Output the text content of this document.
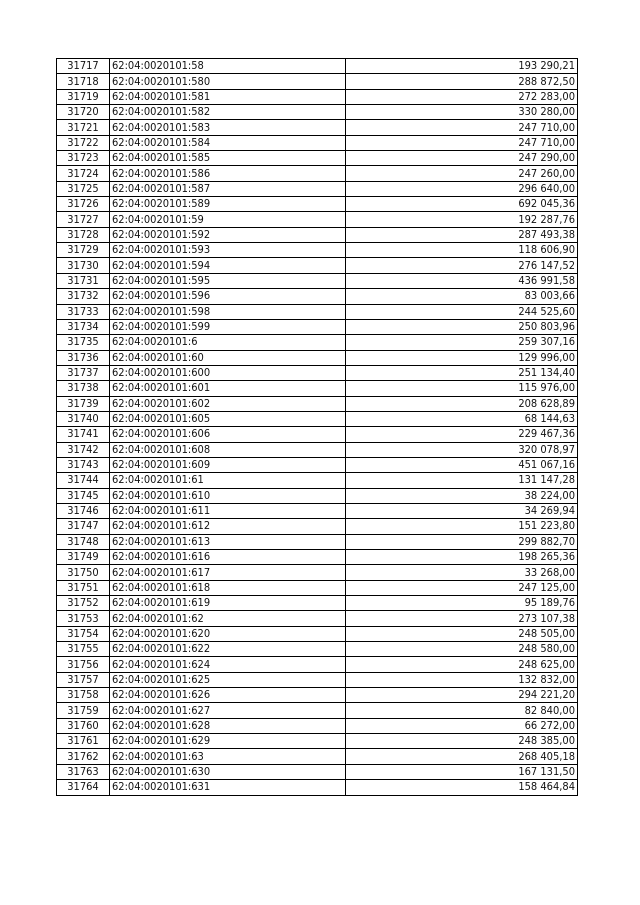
31717	62:04:0020101:58	193 290,21
31718	62:04:0020101:580	288 872,50
31719	62:04:0020101:581	272 283,00
31720	62:04:0020101:582	330 280,00
31721	62:04:0020101:583	247 710,00
31722	62:04:0020101:584	247 710,00
31723	62:04:0020101:585	247 290,00
31724	62:04:0020101:586	247 260,00
31725	62:04:0020101:587	296 640,00
31726	62:04:0020101:589	692 045,36
31727	62:04:0020101:59	192 287,76
31728	62:04:0020101:592	287 493,38
31729	62:04:0020101:593	118 606,90
31730	62:04:0020101:594	276 147,52
31731	62:04:0020101:595	436 991,58
31732	62:04:0020101:596	83 003,66
31733	62:04:0020101:598	244 525,60
31734	62:04:0020101:599	250 803,96
31735	62:04:0020101:6	259 307,16
31736	62:04:0020101:60	129 996,00
31737	62:04:0020101:600	251 134,40
31738	62:04:0020101:601	115 976,00
31739	62:04:0020101:602	208 628,89
31740	62:04:0020101:605	68 144,63
31741	62:04:0020101:606	229 467,36
31742	62:04:0020101:608	320 078,97
31743	62:04:0020101:609	451 067,16
31744	62:04:0020101:61	131 147,28
31745	62:04:0020101:610	38 224,00
31746	62:04:0020101:611	34 269,94
31747	62:04:0020101:612	151 223,80
31748	62:04:0020101:613	299 882,70
31749	62:04:0020101:616	198 265,36
31750	62:04:0020101:617	33 268,00
31751	62:04:0020101:618	247 125,00
31752	62:04:0020101:619	95 189,76
31753	62:04:0020101:62	273 107,38
31754	62:04:0020101:620	248 505,00
31755	62:04:0020101:622	248 580,00
31756	62:04:0020101:624	248 625,00
31757	62:04:0020101:625	132 832,00
31758	62:04:0020101:626	294 221,20
31759	62:04:0020101:627	82 840,00
31760	62:04:0020101:628	66 272,00
31761	62:04:0020101:629	248 385,00
31762	62:04:0020101:63	268 405,18
31763	62:04:0020101:630	167 131,50
31764	62:04:0020101:631	158 464,84
